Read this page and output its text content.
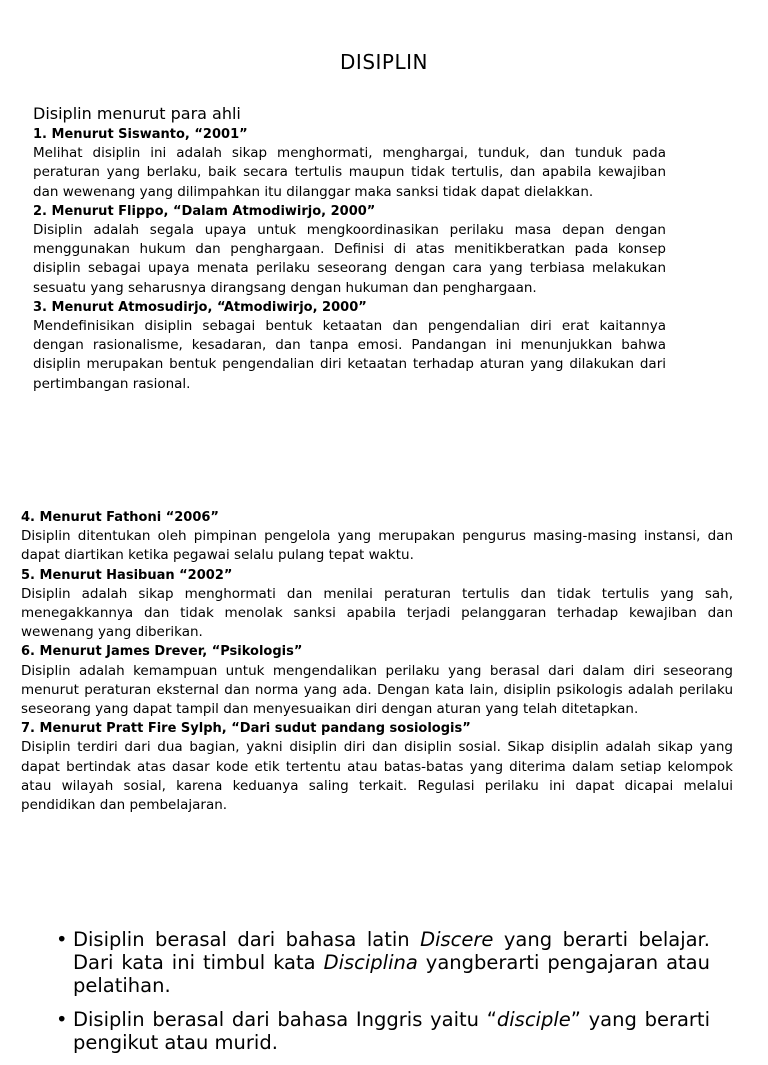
DISIPLIN

Disiplin menurut para ahli

1. Menurut Siswanto, “2001”

Melihat disiplin ini adalah sikap menghormati, menghargai, tunduk, dan tunduk pada peraturan yang berlaku, baik secara tertulis maupun tidak tertulis, dan apabila kewajiban dan wewenang yang dilimpahkan itu dilanggar maka sanksi tidak dapat dielakkan.

2. Menurut Flippo, “Dalam Atmodiwirjo, 2000”

Disiplin adalah segala upaya untuk mengkoordinasikan perilaku masa depan dengan menggunakan hukum dan penghargaan. Definisi di atas menitikberatkan pada konsep disiplin sebagai upaya menata perilaku seseorang dengan cara yang terbiasa melakukan sesuatu yang seharusnya dirangsang dengan hukuman dan penghargaan.

3. Menurut Atmosudirjo, “Atmodiwirjo, 2000”

Mendefinisikan disiplin sebagai bentuk ketaatan dan pengendalian diri erat kaitannya dengan rasionalisme, kesadaran, dan tanpa emosi. Pandangan ini menunjukkan bahwa disiplin merupakan bentuk pengendalian diri ketaatan terhadap aturan yang dilakukan dari pertimbangan rasional.

4. Menurut Fathoni “2006”

Disiplin ditentukan oleh pimpinan pengelola yang merupakan pengurus masing-masing instansi, dan dapat diartikan ketika pegawai selalu pulang tepat waktu.

5. Menurut Hasibuan “2002”

Disiplin adalah sikap menghormati dan menilai peraturan tertulis dan tidak tertulis yang sah, menegakkannya dan tidak menolak sanksi apabila terjadi pelanggaran terhadap kewajiban dan wewenang yang diberikan.

6. Menurut James Drever, “Psikologis”

Disiplin adalah kemampuan untuk mengendalikan perilaku yang berasal dari dalam diri seseorang menurut peraturan eksternal dan norma yang ada. Dengan kata lain, disiplin psikologis adalah perilaku seseorang yang dapat tampil dan menyesuaikan diri dengan aturan yang telah ditetapkan.

7. Menurut Pratt Fire Sylph, “Dari sudut pandang sosiologis”

Disiplin terdiri dari dua bagian, yakni disiplin diri dan disiplin sosial. Sikap disiplin adalah sikap yang dapat bertindak atas dasar kode etik tertentu atau batas-batas yang diterima dalam setiap kelompok atau wilayah sosial, karena keduanya saling terkait. Regulasi perilaku ini dapat dicapai melalui pendidikan dan pembelajaran.

• Disiplin berasal dari bahasa latin Discere yang berarti belajar. Dari kata ini timbul kata Disciplina yangberarti pengajaran atau pelatihan.
• Disiplin berasal dari bahasa Inggris yaitu “disciple” yang berarti pengikut atau murid.
